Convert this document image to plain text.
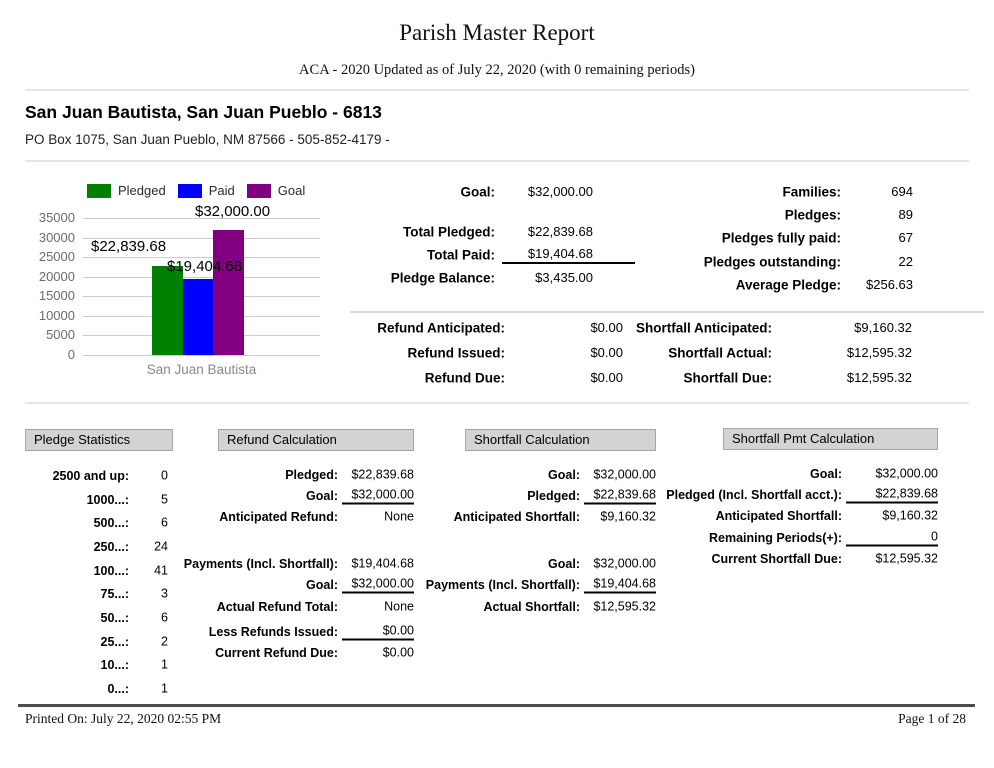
Parish Master Report
ACA - 2020 Updated as of July 22, 2020 (with 0 remaining periods)
San Juan Bautista, San Juan Pueblo - 6813
PO Box 1075, San Juan Pueblo, NM 87566 - 505-852-4179 -
Pledged	Paid	Goal
35000
30000
25000
20000
15000
10000
5000
0
$22,839.68
$19,404.68
$32,000.00
San Juan Bautista
Goal:	$32,000.00
Total Pledged:	$22,839.68
Total Paid:	$19,404.68
Pledge Balance:	$3,435.00
Families:	694
Pledges:	89
Pledges fully paid:	67
Pledges outstanding:	22
Average Pledge:	$256.63
Refund Anticipated:	$0.00
Refund Issued:	$0.00
Refund Due:	$0.00
Shortfall Anticipated:	$9,160.32
Shortfall Actual:	$12,595.32
Shortfall Due:	$12,595.32
Pledge Statistics
2500 and up:	0
1000...:	5
500...:	6
250...:	24
100...:	41
75...:	3
50...:	6
25...:	2
10...:	1
0...:	1
Refund Calculation
Pledged:	$22,839.68
Goal:	$32,000.00
Anticipated Refund:	None
Payments (Incl. Shortfall):	$19,404.68
Goal:	$32,000.00
Actual Refund Total:	None
Less Refunds Issued:	$0.00
Current Refund Due:	$0.00
Shortfall Calculation
Goal:	$32,000.00
Pledged:	$22,839.68
Anticipated Shortfall:	$9,160.32
Goal:	$32,000.00
Payments (Incl. Shortfall):	$19,404.68
Actual Shortfall:	$12,595.32
Shortfall Pmt Calculation
Goal:	$32,000.00
Pledged (Incl. Shortfall acct.):	$22,839.68
Anticipated Shortfall:	$9,160.32
Remaining Periods(+):	0
Current Shortfall Due:	$12,595.32
Printed On: July 22, 2020 02:55 PM	Page 1 of 28
